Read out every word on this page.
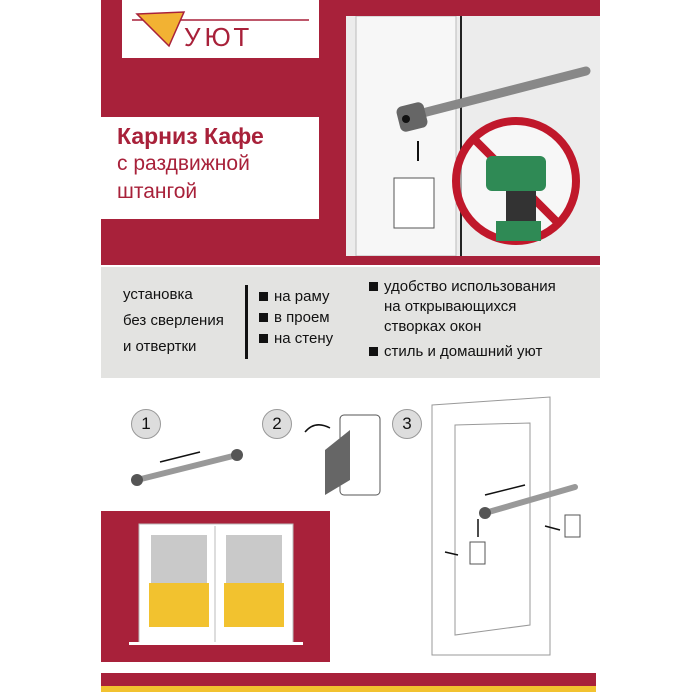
УЮТ
Карниз Кафе
с раздвижной штангой
установка
без сверления
и отвертки
на раму
в проем
на стену
удобство использования
на открывающихся
створках окон
стиль и домашний уют
1	2	3
